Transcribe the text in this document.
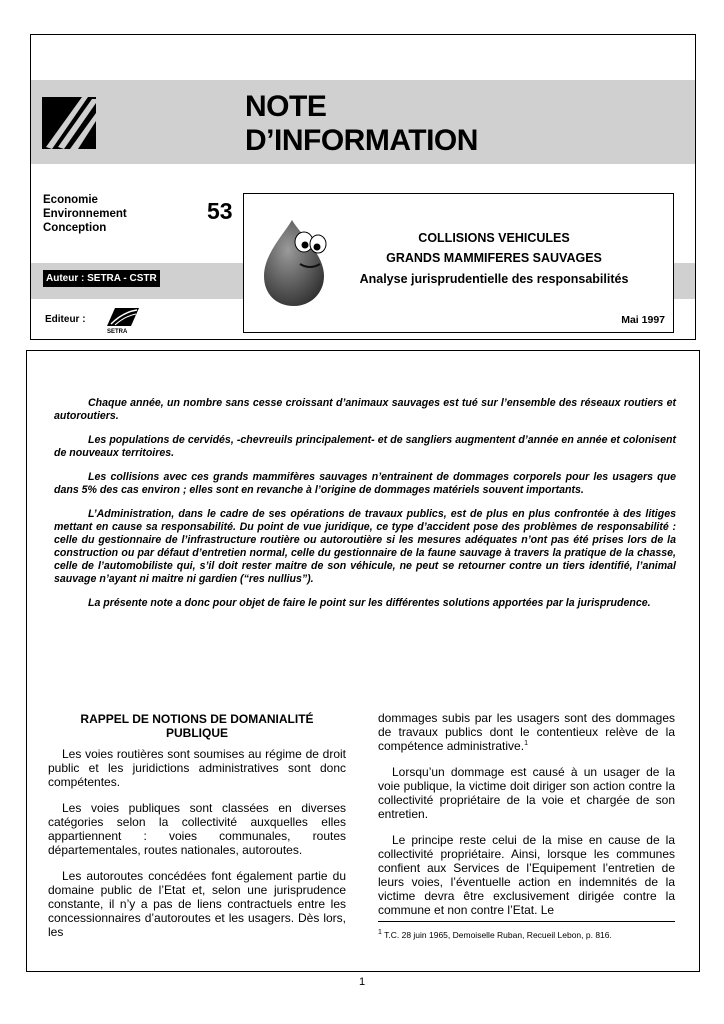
NOTE
D’INFORMATION
Economie
Environnement
Conception
53
Auteur : SETRA - CSTR
Editeur :
SETRA
COLLISIONS VEHICULES
GRANDS MAMMIFERES SAUVAGES
Analyse jurisprudentielle des responsabilités
Mai 1997

Chaque année, un nombre sans cesse croissant d’animaux sauvages est tué sur l’ensemble des réseaux routiers et autoroutiers.

Les populations de cervidés, -chevreuils principalement- et de sangliers augmentent d’année en année et colonisent de nouveaux territoires.

Les collisions avec ces grands mammifères sauvages n’entrainent de dommages corporels pour les usagers que dans 5% des cas environ ; elles sont en revanche à l’origine de dommages matériels souvent importants.

L’Administration, dans le cadre de ses opérations de travaux publics, est de plus en plus confrontée à des litiges mettant en cause sa responsabilité. Du point de vue juridique, ce type d’accident pose des problèmes de responsabilité : celle du gestionnaire de l’infrastructure routière ou autoroutière si les mesures adéquates n’ont pas été prises lors de la construction ou par défaut d’entretien normal, celle du gestionnaire de la faune sauvage à travers la pratique de la chasse, celle de l’automobiliste qui, s’il doit rester maitre de son véhicule, ne peut se retourner contre un tiers identifié, l’animal sauvage n’ayant ni maitre ni gardien (“res nullius”).

La présente note a donc pour objet de faire le point sur les différentes solutions apportées par la jurisprudence.

RAPPEL DE NOTIONS DE DOMANIALITÉ PUBLIQUE

Les voies routières sont soumises au régime de droit public et les juridictions administratives sont donc compétentes.

Les voies publiques sont classées en diverses catégories selon la collectivité auxquelles elles appartiennent : voies communales, routes départementales, routes nationales, autoroutes.

Les autoroutes concédées font également partie du domaine public de l’Etat et, selon une jurisprudence constante, il n’y a pas de liens contractuels entre les concessionnaires d’autoroutes et les usagers. Dès lors, les

dommages subis par les usagers sont des dommages de travaux publics dont le contentieux relève de la compétence administrative.$^1$

Lorsqu’un dommage est causé à un usager de la voie publique, la victime doit diriger son action contre la collectivité propriétaire de la voie et chargée de son entretien.

Le principe reste celui de la mise en cause de la collectivité propriétaire. Ainsi, lorsque les communes confient aux Services de l’Equipement l’entretien de leurs voies, l’éventuelle action en indemnités de la victime devra être exclusivement dirigée contre la commune et non contre l’Etat. Le

$^1$ T.C. 28 juin 1965, Demoiselle Ruban, Recueil Lebon, p. 816.
1
